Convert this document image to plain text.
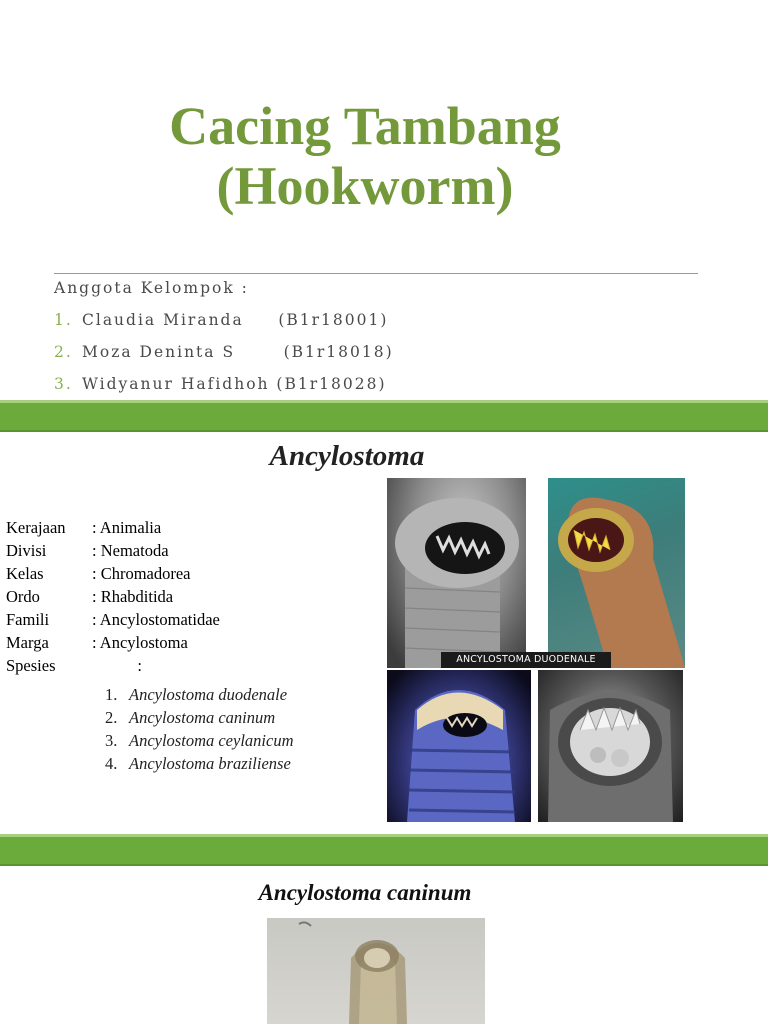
Cacing Tambang
(Hookworm)
Anggota Kelompok :
1. Claudia Miranda     (B1r18001)
2. Moza Deninta S       (B1r18018)
3. Widyanur Hafidhoh (B1r18028)
Ancylostoma
Kerajaan : Animalia
Divisi	: Nematoda
Kelas	: Chromadorea
Ordo	: Rhabditida
Famili	: Ancylostomatidae
Marga	: Ancylostoma
Spesies           :
1. Ancylostoma duodenale
2. Ancylostoma caninum
3. Ancylostoma ceylanicum
4. Ancylostoma braziliense
ANCYLOSTOMA DUODENALE
Ancylostoma caninum
